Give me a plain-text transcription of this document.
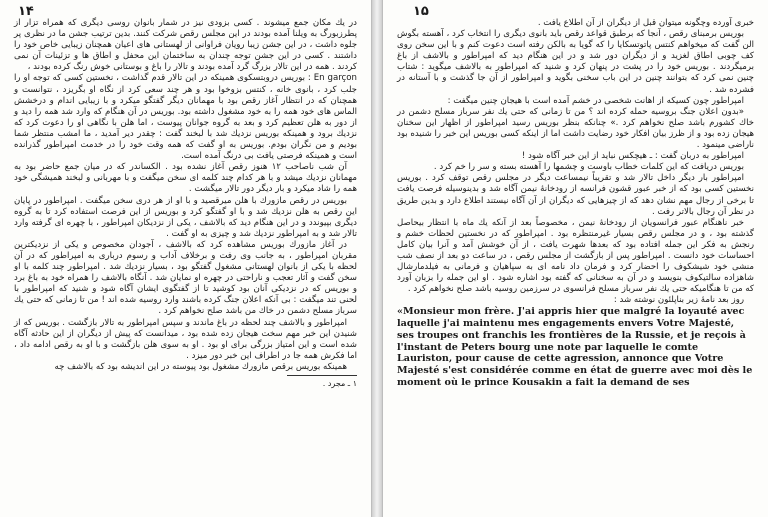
۱۴

در یك مكان جمع میشوند . كسی بزودی نیز در شمار بانوان روسی دیگری كه همراه تزار از پطرزبورگ به ویلنا آمده بودند در این مجلس رقص شركت كنند. بدین ترتیب جشن ما در نظری پر جلوه داشت ، در این جشن زیبا رویان فراوانی از لهستانی های اعیان همچنان زیبایی خاص خود را داشتند . كسی در این جشن توجه چندان به ساختمان این محفل و اطاق ها و تزئینات آن نمی كردند . همه در این تالار بزرگ گرد آمده بودند و تالار را باغ و بوستانی خوش رنگ كرده بودند ،

En garçon : بوریس دروبتسكوی همینكه در این تالار قدم گذاشت ، نخستین كسی كه توجه او را جلب كرد ، بانوی خانه ، كنتس بزوخوا بود و هر چند سعی كرد از نگاه او بگریزد ، نتوانست و همچنان كه در انتظار آغاز رقص بود با مهمانان دیگر گفتگو میكرد و با زیبایی اندام و درخشش الماس های خود همه را به خود مشغول داشته بود. بوریس در آن هنگام كه وارد شد همه را دید و از دور به هلن تعظیم كرد و بعد به گروه جوانان پیوست ، اما هلن با نگاهی او را دعوت كرد كه نزدیك برود و همینكه بوریس نزدیك شد با لبخند گفت : چقدر دیر آمدید ، ما امشب منتظر شما بودیم و من نگران بودم. بوریس به او گفت كه همه وقت خود را در خدمت امپراطور گذرانده است و همینكه فرصتی یافت بی درنگ آمده است.

آن شب ناصاحب ۱۲ هنوز رقص آغاز نشده بود . الكساندر كه در میان جمع حاضر بود به مهمانان نزدیك میشد و با هر كدام چند كلمه ای سخن میگفت و با مهربانی و لبخند همیشگی خود همه را شاد میكرد و بار دیگر دور تالار میگشت .

بوریس در رقص مازورك با هلن میرقصید و با او از هر دری سخن میگفت . امپراطور در پایان این رقص به هلن نزدیك شد و با او گفتگو كرد و بوریس از این فرصت استفاده كرد تا به گروه دیگری بپیوندد و در این هنگام دید كه بالاشف ، یكی از نزدیكان امپراطور ، با چهره ای گرفته وارد تالار شد و به امپراطور نزدیك شد و چیزی به او گفت .

در آغاز مازورك بوریس مشاهده كرد كه بالاشف ، آجودان مخصوص و یكی از نزدیكترین مقربان امپراطور ، به جانب وی رفت و برخلاف آداب و رسوم درباری به امپراطور كه در آن لحظه با یكی از بانوان لهستانی مشغول گفتگو بود ، بسیار نزدیك شد . امپراطور چند كلمه با او سخن گفت و آثار تعجب و ناراحتی در چهره او نمایان شد . آنگاه بالاشف را همراه خود به باغ برد و بوریس كه در نزدیكی آنان بود كوشید تا از گفتگوی ایشان آگاه شود و شنید كه امپراطور با لحنی تند میگفت : بی آنكه اعلان جنگ كرده باشند وارد روسیه شده اند ! من تا زمانی كه حتی یك سرباز مسلح دشمن در خاك من باشد صلح نخواهم كرد .

امپراطور و بالاشف چند لحظه در باغ ماندند و سپس امپراطور به تالار بازگشت . بوریس كه از شنیدن این خبر مهم سخت هیجان زده شده بود ، میدانست كه پیش از دیگران از این حادثه آگاه شده است و این امتیاز بزرگی برای او بود . او به سوی هلن بازگشت و با او به رقص ادامه داد ، اما فكرش همه جا در اطراف این خبر دور میزد .

همینكه بوریس برقص مازورك مشغول بود پیوسته در این اندیشه بود كه بالاشف چه

۱ ـ مجرد .

۱۵

خبری آورده وچگونه میتوان قبل از دیگران از آن اطلاع یافت .

بوریس برمبنای رقص ، آنجا كه برطبق قواعد رقص باید بانوی دیگری را انتخاب كرد ، آهسته بگوش الن گفت كه میخواهم كنتس پاتوتسكایا را كه گویا به بالكن رفته است دعوت كنم و با این سخن روی كف چوبی اطاق لغزید و از دیگران دور شد و در این هنگام دید كه امپراطور و بالاشف از باغ برمیگردند . بوریس خود را در پشت در پنهان كرد و شنید كه امپراطور به بالاشف میگوید : شتاب چنین نمی كرد كه بتوانند چنین در این باب سخنی بگوید و امپراطور از آن جا گذشت و با آستانه در فشرده شد .

امپراطور چون كسیكه از اهانت شخصی در خشم آمده است با هیجان چنین میگفت :

«بدون اعلان جنگ بروسیه حمله كرده اند ؟ من تا زمانی كه حتی یك نفر سرباز مسلح دشمن در خاك كشورم باشد صلح نخواهم كرد .» چنانكه بنظر بوریس رسید امپراطور از اظهار این سخنان هیجان زده بود و از ظرز بیان افكار خود رضایت داشت اما از اینكه كسی بوریس این خبر را شنیده بود ناراضی مینمود .

امپراطور به دربان گفت : ـ هیچكس نباید از این خبر آگاه شود !

بوریس دریافت كه این كلمات خطاب باوست و چشمها را آهسته بسته و سر را خم كرد .

امپراطور بار دیگر داخل تالار شد و تقریباً نیمساعت دیگر در مجلس رقص توقف كرد . بوریس نخستین كسی بود كه از خبر عبور قشون فرانسه از رودخانهٔ نیمن آگاه شد و بدینوسیله فرصت یافت تا برخی از رجال مهم نشان دهد كه از چیزهایی كه دیگران از آن آگاه نیستند اطلاع دارد و بدین طریق در نظر آن رجال بالاتر رفت .

خبر ناهنگام عبور فرانسویان از رودخانهٔ نیمن ، مخصوصاً بعد از آنكه یك ماه با انتظار بیحاصل گذشته بود ، و در مجلس رقص بسیار غیرمنتظره بود . امپراطور كه در نخستین لحظات خشم و رنجش به فكر این جمله افتاده بود كه بعدها شهرت یافت ، از آن خوشش آمد و آنرا بیان كامل احساسات خود دانست . امپراطور پس از بازگشت از مجلس رقص ، در ساعت دو بعد از نصف شب منشی خود شیشكوف را احضار كرد و فرمان داد نامه ای به سپاهیان و فرمانی به فیلدمارشال شاهزاده سالتیكوف بنویسد و در آن به سخنانی كه گفته بود اشاره شود . او این جمله را بزبان آورد كه من تا هنگامیكه حتی یك نفر سرباز مسلح فرانسوی در سرزمین روسیه باشد صلح نخواهم كرد .

روز بعد نامهٔ زیر بناپلئون نوشته شد :

«Monsieur mon frère. J'ai appris hier que malgré la loyauté avec laquelle j'ai maintenu mes engagements envers Votre Majesté, ses troupes ont franchis les frontières de la Russie, et je reçois à l'instant de Peters bourg une note par laquelle le comte Lauriston, pour cause de cette agression, annonce que Votre Majesté s'est considérée comme en état de guerre avec moi dès le moment où le prince Kousakin a fait la demand de ses
